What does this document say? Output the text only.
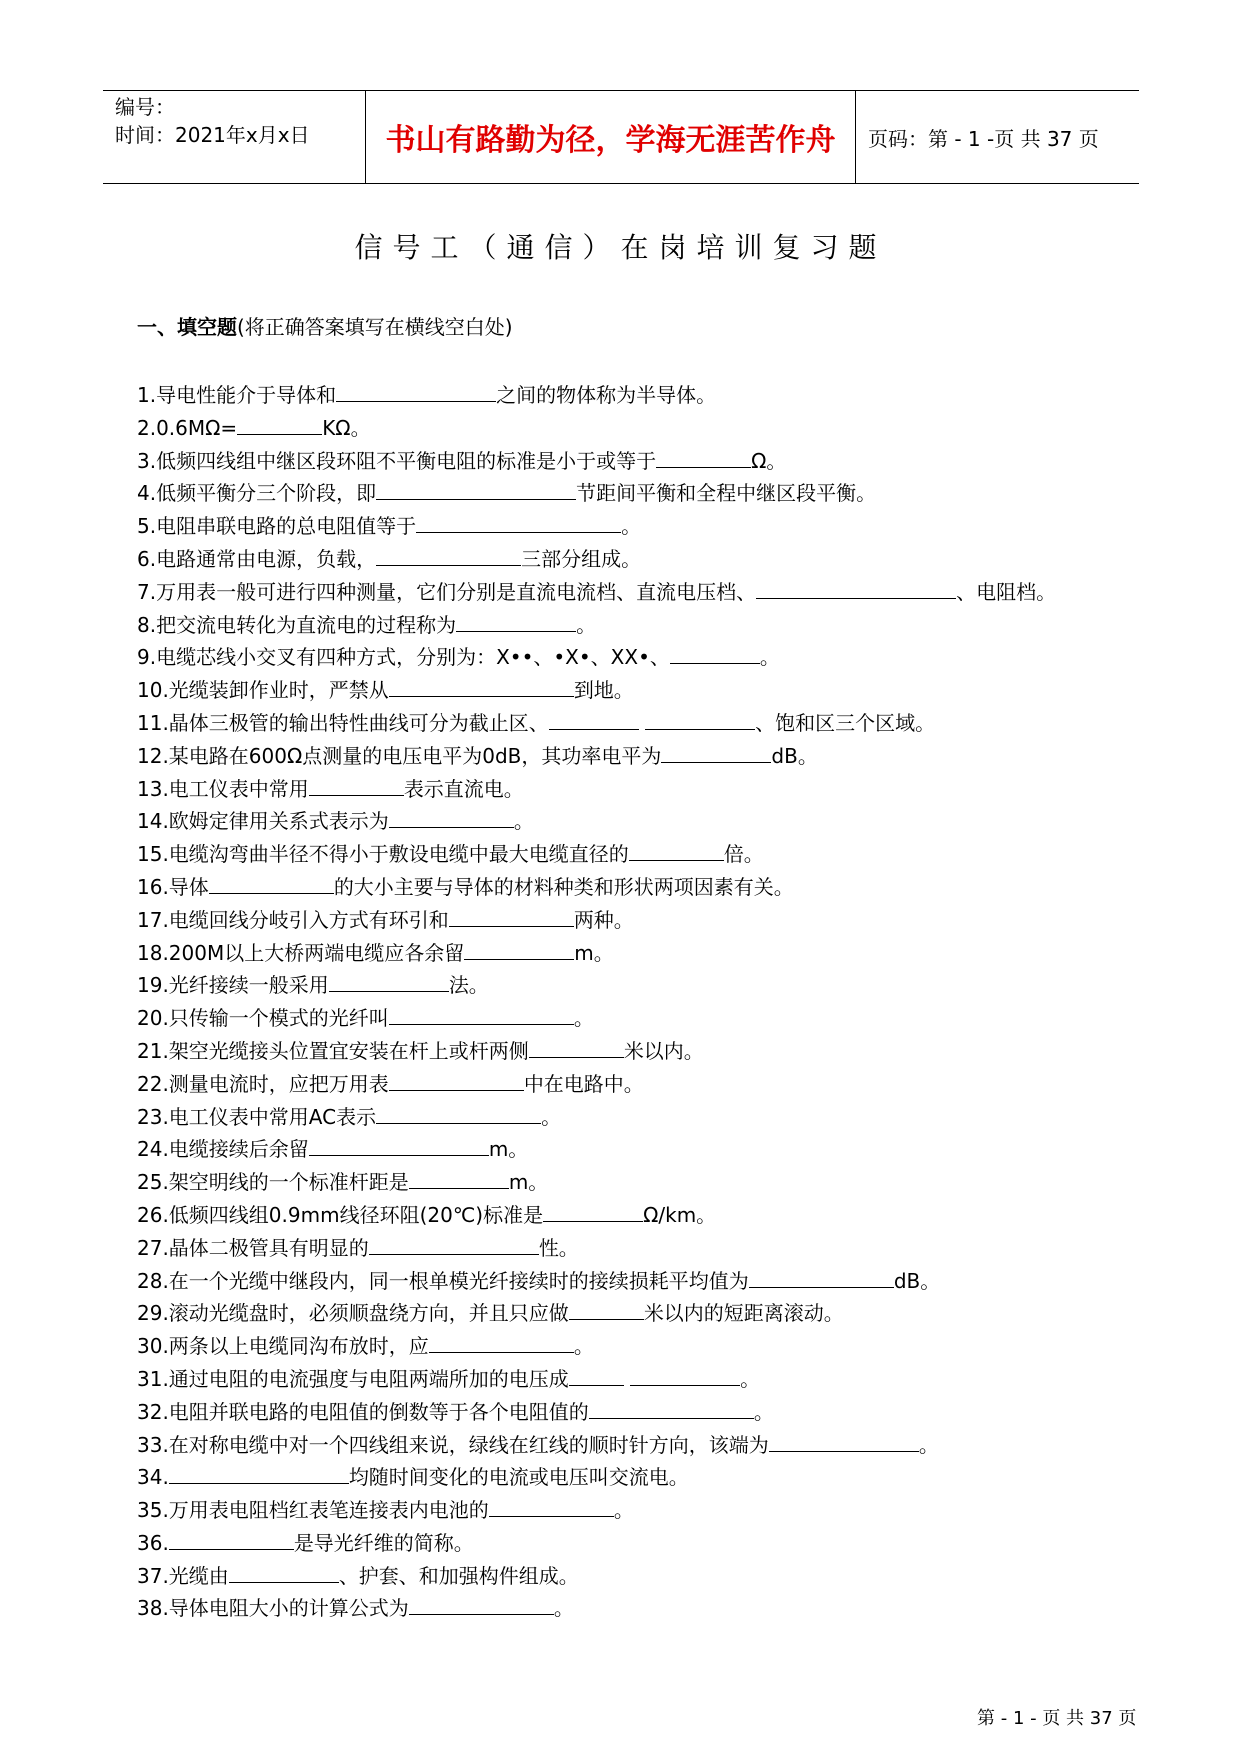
编号：
时间：2021年x月x日	书山有路勤为径，学海无涯苦作舟 页码：第 - 1 -页 共 37 页
信号工（通信）在岗培训复习题
一、填空题(将正确答案填写在横线空白处)
1.导电性能介于导体和	之间的物体称为半导体。
2.0.6MΩ=	KΩ。
3.低频四线组中继区段环阻不平衡电阻的标准是小于或等于	Ω。
4.低频平衡分三个阶段，即	节距间平衡和全程中继区段平衡。
5.电阻串联电路的总电阻值等于	。
6.电路通常由电源，负载，	三部分组成。
7.万用表一般可进行四种测量，它们分别是直流电流档、直流电压档、	、电阻档。
8.把交流电转化为直流电的过程称为	。
9.电缆芯线小交叉有四种方式，分别为：X••、•X•、XX•、	。
10.光缆装卸作业时，严禁从	到地。
11.晶体三极管的输出特性曲线可分为截止区、	、饱和区三个区域。
12.某电路在600Ω点测量的电压电平为0dB，其功率电平为	dB。
13.电工仪表中常用	表示直流电。
14.欧姆定律用关系式表示为	。
15.电缆沟弯曲半径不得小于敷设电缆中最大电缆直径的	倍。
16.导体	的大小主要与导体的材料种类和形状两项因素有关。
17.电缆回线分岐引入方式有环引和	两种。
18.200M以上大桥两端电缆应各余留	m。
19.光纤接续一般采用	法。
20.只传输一个模式的光纤叫	。
21.架空光缆接头位置宜安装在杆上或杆两侧	米以内。
22.测量电流时，应把万用表	中在电路中。
23.电工仪表中常用AC表示	。
24.电缆接续后余留	m。
25.架空明线的一个标准杆距是	m。
26.低频四线组0.9mm线径环阻(20℃)标准是	Ω/km。
27.晶体二极管具有明显的	性。
28.在一个光缆中继段内，同一根单模光纤接续时的接续损耗平均值为	dB。
29.滚动光缆盘时，必须顺盘绕方向，并且只应做	米以内的短距离滚动。
30.两条以上电缆同沟布放时，应	。
31.通过电阻的电流强度与电阻两端所加的电压成	。
32.电阻并联电路的电阻值的倒数等于各个电阻值的	。
33.在对称电缆中对一个四线组来说，绿线在红线的顺时针方向，该端为	。
34.	均随时间变化的电流或电压叫交流电。
35.万用表电阻档红表笔连接表内电池的	。
36.	是导光纤维的简称。
37.光缆由	、护套、和加强构件组成。
38.导体电阻大小的计算公式为	。
第 - 1 - 页 共 37 页
